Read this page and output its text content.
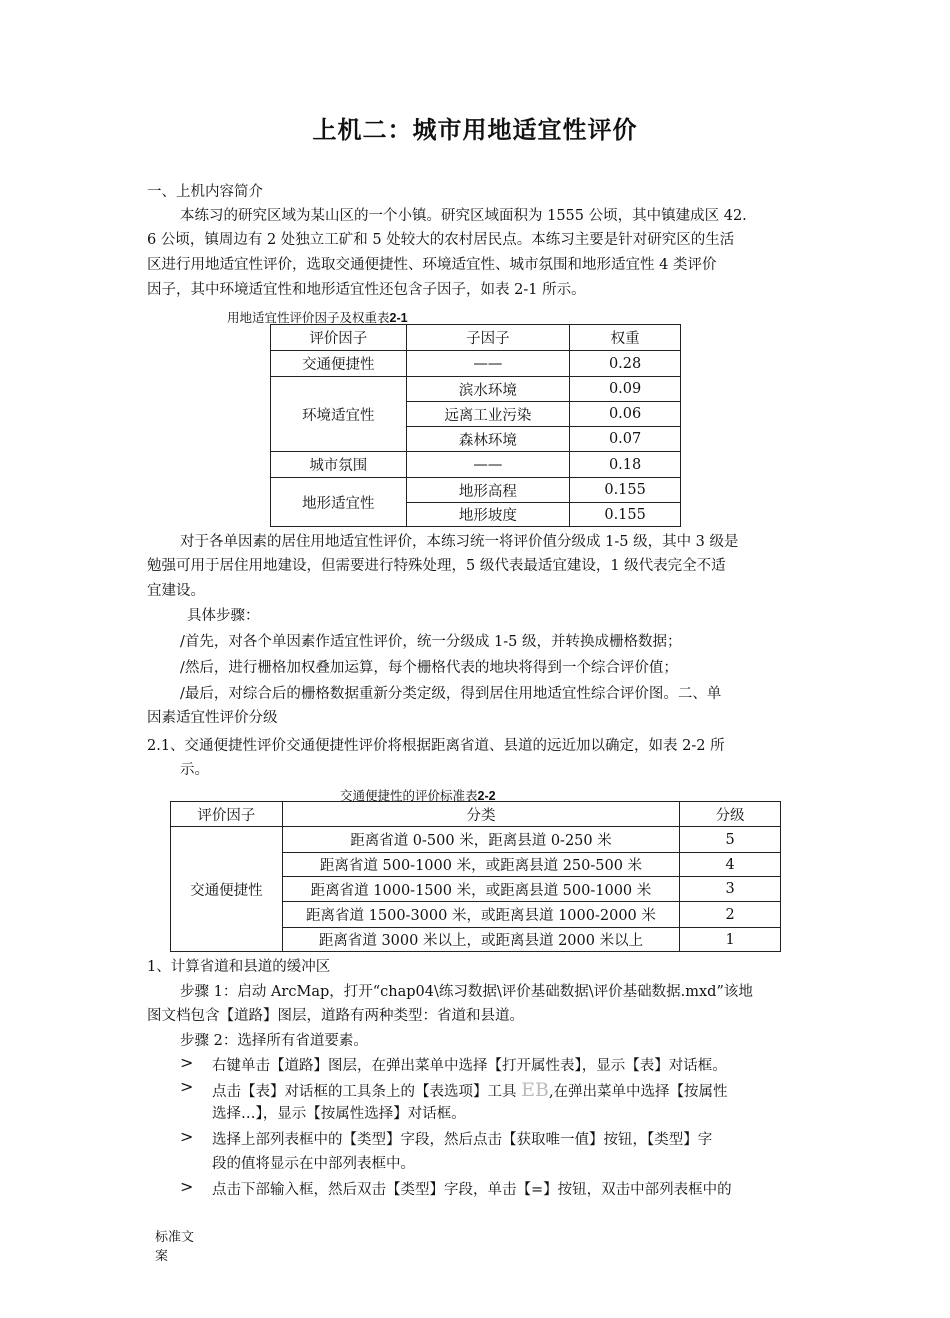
上机二：城市用地适宜性评价
一、上机内容简介
本练习的研究区域为某山区的一个小镇。研究区域面积为 1555 公顷，其中镇建成区 42.
6 公顷，镇周边有 2 处独立工矿和 5 处较大的农村居民点。本练习主要是针对研究区的生活
区进行用地适宜性评价，选取交通便捷性、环境适宜性、城市氛围和地形适宜性 4 类评价
因子，其中环境适宜性和地形适宜性还包含子因子，如表 2-1 所示。
用地适宜性评价因子及权重表2-1
评价因子	子因子	权重
交通便捷性	——	0.28
环境适宜性	滨水环境	0.09
	远离工业污染	0.06
	森林环境	0.07
城市氛围	——	0.18
地形适宜性	地形高程	0.155
	地形坡度	0.155
对于各单因素的居住用地适宜性评价，本练习统一将评价值分级成 1-5 级，其中 3 级是
勉强可用于居住用地建设，但需要进行特殊处理，5 级代表最适宜建设，1 级代表完全不适
宜建设。
具体步骤：
/首先，对各个单因素作适宜性评价，统一分级成 1-5 级，并转换成栅格数据；
/然后，进行栅格加权叠加运算，每个栅格代表的地块将得到一个综合评价值；
/最后，对综合后的栅格数据重新分类定级，得到居住用地适宜性综合评价图。二、单
因素适宜性评价分级
2.1、交通便捷性评价交通便捷性评价将根据距离省道、县道的远近加以确定，如表 2-2 所
示。
交通便捷性的评价标准表2-2
评价因子	分类	分级
交通便捷性	距离省道 0-500 米，距离县道 0-250 米	5
	距离省道 500-1000 米，或距离县道 250-500 米	4
	距离省道 1000-1500 米，或距离县道 500-1000 米	3
	距离省道 1500-3000 米，或距离县道 1000-2000 米	2
	距离省道 3000 米以上，或距离县道 2000 米以上	1
1、计算省道和县道的缓冲区
步骤 1：启动 ArcMap，打开“chap04\练习数据\评价基础数据\评价基础数据.mxd”该地
图文档包含【道路】图层，道路有两种类型：省道和县道。
步骤 2：选择所有省道要素。
> 右键单击【道路】图层，在弹出菜单中选择【打开属性表】，显示【表】对话框。
> 点击【表】对话框的工具条上的【表选项】工具 EB,在弹出菜单中选择【按属性
选择…】，显示【按属性选择】对话框。
> 选择上部列表框中的【类型】字段，然后点击【获取唯一值】按钮，【类型】字
段的值将显示在中部列表框中。
> 点击下部输入框，然后双击【类型】字段，单击【=】按钮，双击中部列表框中的
标准文案
